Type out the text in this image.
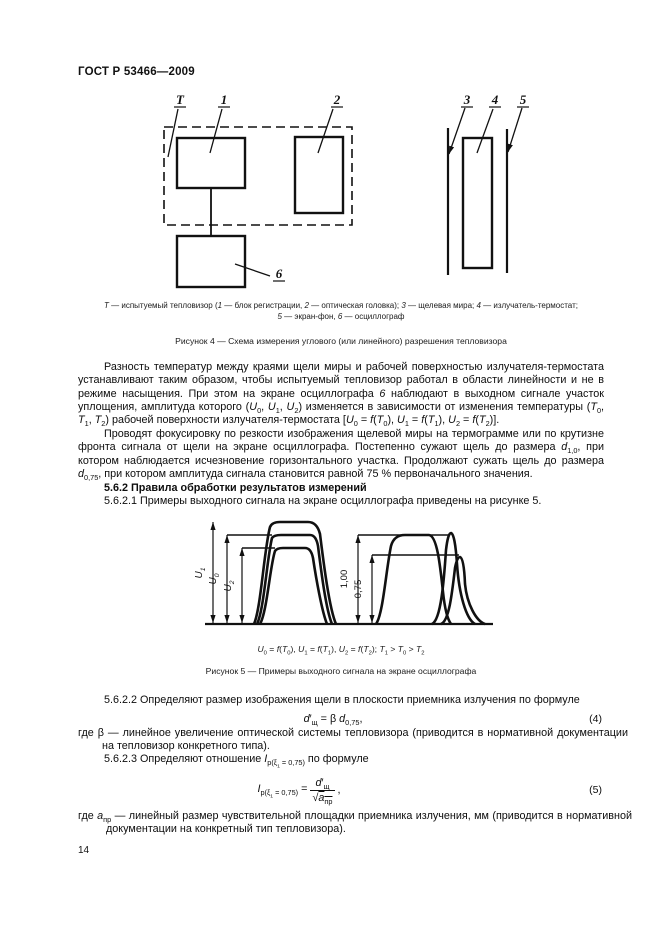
ГОСТ Р 53466—2009
Т	1	2	3 4 5
6
Т — испытуемый тепловизор (1 — блок регистрации, 2 — оптическая головка); 3 — щелевая мира; 4 — излучатель-термостат;
5 — экран-фон, 6 — осциллограф
Рисунок 4 — Схема измерения углового (или линейного) разрешения тепловизора

Разность температур между краями щели миры и рабочей поверхностью излучателя-термостата устанавливают таким образом, чтобы испытуемый тепловизор работал в области линейности и не в режиме насыщения. При этом на экране осциллографа 6 наблюдают в выходном сигнале участок уплощения, амплитуда которого ($U_0$, $U_1$, $U_2$) изменяется в зависимости от изменения температуры ($T_0$, $T_1$, $T_2$) рабочей поверхности излучателя-термостата [$U_0 = f(T_0)$, $U_1 = f(T_1)$, $U_2 = f(T_2)$].

Проводят фокусировку по резкости изображения щелевой миры на термограмме или по крутизне фронта сигнала от щели на экране осциллографа. Постепенно сужают щель до размера $d_{1,0}$, при котором наблюдается исчезновение горизонтального участка. Продолжают сужать щель до размера $d_{0,75}$, при котором амплитуда сигнала становится равной 75 % первоначального значения.

5.6.2 Правила обработки результатов измерений

5.6.2.1 Примеры выходного сигнала на экране осциллографа приведены на рисунке 5.

$U_1$
$U_0$
$U_2$	1,00
0,75
$U_0 = f(T_0)$, $U_1 = f(T_1)$, $U_2 = f(T_2)$; $T_1 > T_0 > T_2$
Рисунок 5 — Примеры выходного сигнала на экране осциллографа

5.6.2.2 Определяют размер изображения щели в плоскости приемника излучения по формуле

$d'_щ = \beta$ $d_{0,75}$,	(4)

где β — линейное увеличение оптической системы тепловизора (приводится в нормативной документации на тепловизор конкретного типа).

5.6.2.3 Определяют отношение $I_{р(\xi_1 = 0,75)}$ по формуле

$I_{р(\xi_1 = 0,75)} = \frac{d'_щ}{√a_{пр}}$ ,	(5)

где $a_{пр}$ — линейный размер чувствительной площадки приемника излучения, мм (приводится в нормативной документации на конкретный тип тепловизора).

14
